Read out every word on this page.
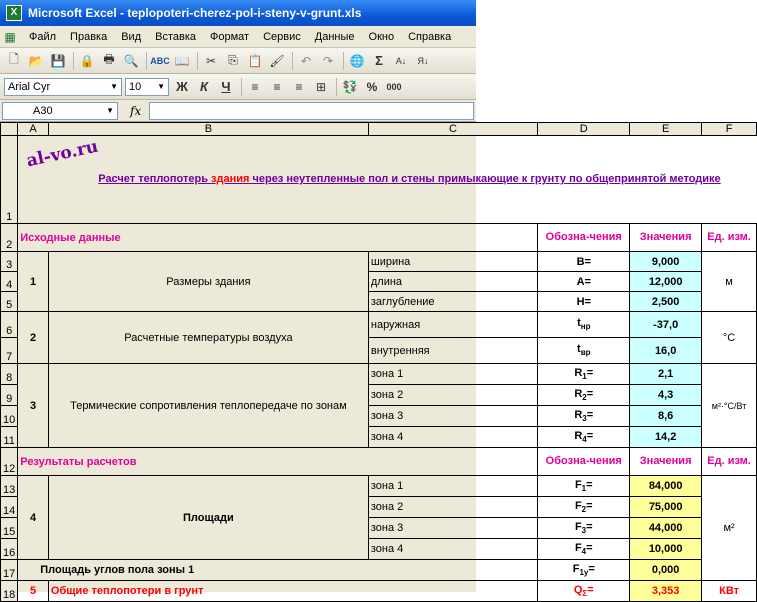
X Microsoft Excel - teplopoteri-cherez-pol-i-steny-v-grunt.xls
▦	Файл	Правка	Вид	Вставка	Формат	Сервис	Данные	Окно	Справка
🗋 📂 💾 🔒 🖶 🔍 ABC 📖	✂	⎘ 📋 🖌	↶ ↷	🌐 Σ	A↓	Я↓
Arial Cyr	▼ 10 ▼ Ж К	Ч	≡	≡	≡	⊞	💱 %	000
A30	▼ fx
al-vo.ru
	A	B	C	D	E	F
1	Расчет теплопотерь здания через неутепленные пол и стены примыкающие к грунту по общепринятой методике					
2	Исходные данные			Обозна-чения	Значения	Ед. изм.
3	1	Размеры здания	ширина	B=	9,000	м
4			длина	A=	12,000	
5			заглубление	H=	2,500	
6	2	Расчетные температуры воздуха	наружная	$t_{нр}$	-37,0	°C
7			внутренняя	$t_{вр}$	16,0	
8	3	Термические сопротивления теплопередаче по зонам	зона 1	$R_1=$	2,1	м²·°C/Вт
9			зона 2	$R_2=$	4,3	
10			зона 3	$R_3=$	8,6	
11			зона 4	$R_4=$	14,2	
12	Результаты расчетов			Обозна-чения	Значения	Ед. изм.
13	4	Площади	зона 1	$F_1=$	84,000	м²
14			зона 2	$F_2=$	75,000	
15			зона 3	$F_3=$	44,000	
16			зона 4	$F_4=$	10,000	
17	Площадь углов пола зоны 1			$F_{1у}=$	0,000	
18	5	Общие теплопотери в грунт		$Q_\Sigma=$	3,353	КВт
